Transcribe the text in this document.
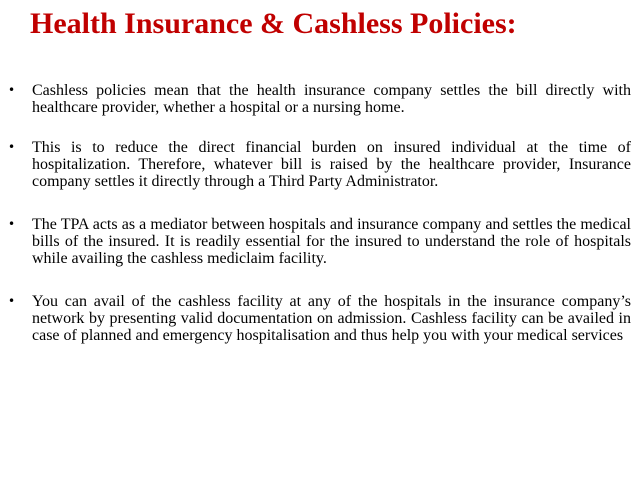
Health Insurance & Cashless Policies:
• Cashless policies mean that the health insurance company settles the bill directly with healthcare provider, whether a hospital or a nursing home.
• This is to reduce the direct financial burden on insured individual at the time of hospitalization. Therefore, whatever bill is raised by the healthcare provider, Insurance company settles it directly through a Third Party Administrator.
• The TPA acts as a mediator between hospitals and insurance company and settles the medical bills of the insured. It is readily essential for the insured to understand the role of hospitals while availing the cashless mediclaim facility.
• You can avail of the cashless facility at any of the hospitals in the insurance company’s network by presenting valid documentation on admission. Cashless facility can be availed in case of planned and emergency hospitalisation and thus help you with your medical services
